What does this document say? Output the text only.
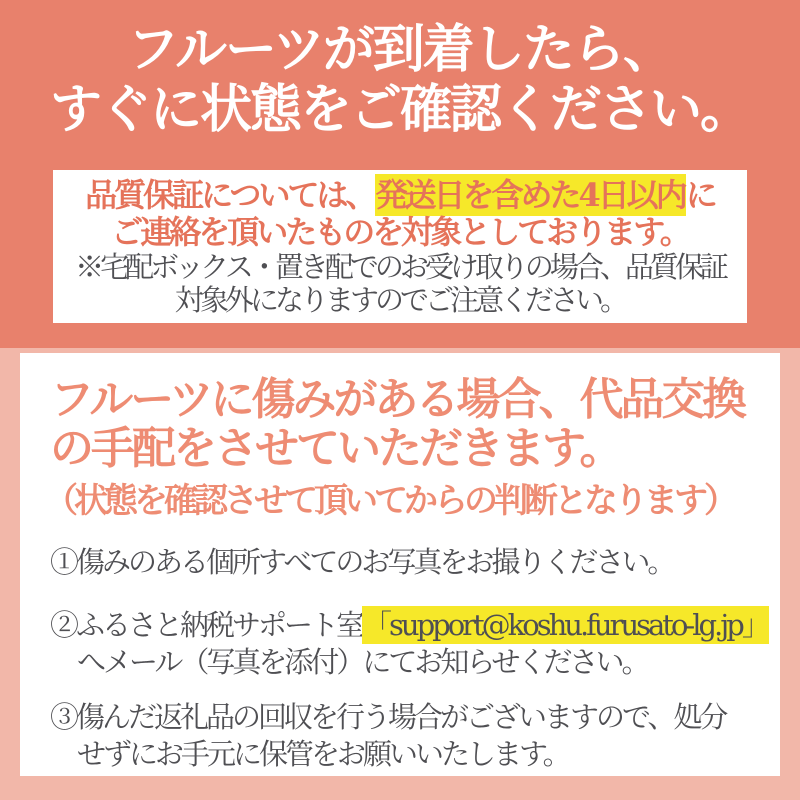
フルーツが到着したら、
すぐに状態をご確認ください。

品質保証については、発送日を含めた4日以内に

ご連絡を頂いたものを対象としております。

※宅配ボックス・置き配でのお受け取りの場合、品質保証

対象外になりますのでご注意ください。

フルーツに傷みがある場合、代品交換
の手配をさせていただきます。

（状態を確認させて頂いてからの判断となります）

①傷みのある個所すべてのお写真をお撮りください。
②ふるさと納税サポート室「support@koshu.furusato-lg.jp」
へメール（写真を添付）にてお知らせください。
③傷んだ返礼品の回収を行う場合がございますので、処分
せずにお手元に保管をお願いいたします。
